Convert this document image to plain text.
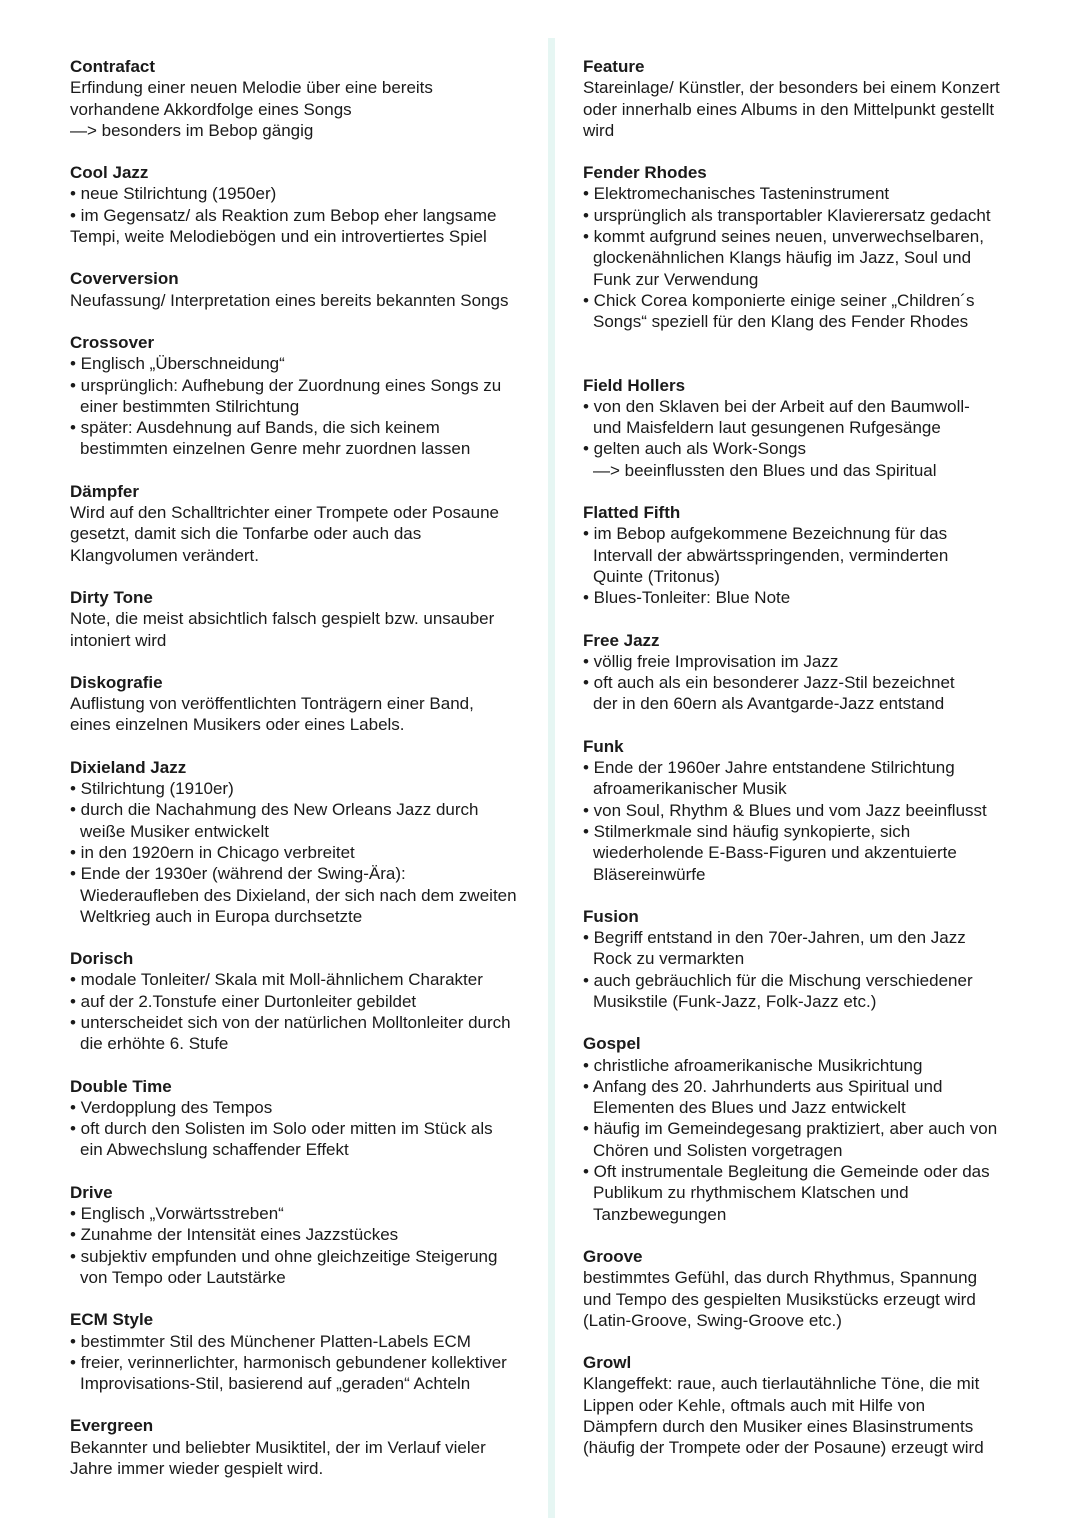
Contrafact

Erfindung einer neuen Melodie über eine bereits

vorhandene Akkordfolge eines Songs

—> besonders im Bebop gängig

Cool Jazz

• neue Stilrichtung (1950er)

• im Gegensatz/ als Reaktion zum Bebop eher langsame

Tempi, weite Melodiebögen und ein introvertiertes Spiel

Coverversion

Neufassung/ Interpretation eines bereits bekannten Songs

Crossover

• Englisch „Überschneidung“

• ursprünglich: Aufhebung der Zuordnung eines Songs zu

einer bestimmten Stilrichtung

• später: Ausdehnung auf Bands, die sich keinem

bestimmten einzelnen Genre mehr zuordnen lassen

Dämpfer

Wird auf den Schalltrichter einer Trompete oder Posaune

gesetzt, damit sich die Tonfarbe oder auch das

Klangvolumen verändert.

Dirty Tone

Note, die meist absichtlich falsch gespielt bzw. unsauber

intoniert wird

Diskografie

Auflistung von veröffentlichten Tonträgern einer Band,

eines einzelnen Musikers oder eines Labels.

Dixieland Jazz

• Stilrichtung (1910er)

• durch die Nachahmung des New Orleans Jazz durch

weiße Musiker entwickelt

• in den 1920ern in Chicago verbreitet

• Ende der 1930er (während der Swing-Ära):

Wiederaufleben des Dixieland, der sich nach dem zweiten

Weltkrieg auch in Europa durchsetzte

Dorisch

• modale Tonleiter/ Skala mit Moll-ähnlichem Charakter

• auf der 2.Tonstufe einer Durtonleiter gebildet

• unterscheidet sich von der natürlichen Molltonleiter durch

die erhöhte 6. Stufe

Double Time

• Verdopplung des Tempos

• oft durch den Solisten im Solo oder mitten im Stück als

ein Abwechslung schaffender Effekt

Drive

• Englisch „Vorwärtsstreben“

• Zunahme der Intensität eines Jazzstückes

• subjektiv empfunden und ohne gleichzeitige Steigerung

von Tempo oder Lautstärke

ECM Style

• bestimmter Stil des Münchener Platten-Labels ECM

• freier, verinnerlichter, harmonisch gebundener kollektiver

Improvisations-Stil, basierend auf „geraden“ Achteln

Evergreen

Bekannter und beliebter Musiktitel, der im Verlauf vieler

Jahre immer wieder gespielt wird.

Feature

Stareinlage/ Künstler, der besonders bei einem Konzert

oder innerhalb eines Albums in den Mittelpunkt gestellt

wird

Fender Rhodes

• Elektromechanisches Tasteninstrument

• ursprünglich als transportabler Klavierersatz gedacht

• kommt aufgrund seines neuen, unverwechselbaren,

glockenähnlichen Klangs häufig im Jazz, Soul und

Funk zur Verwendung

• Chick Corea komponierte einige seiner „Children´s

Songs“ speziell für den Klang des Fender Rhodes

Field Hollers

• von den Sklaven bei der Arbeit auf den Baumwoll-

und Maisfeldern laut gesungenen Rufgesänge

• gelten auch als Work-Songs

—> beeinflussten den Blues und das Spiritual

Flatted Fifth

• im Bebop aufgekommene Bezeichnung für das

Intervall der abwärtsspringenden, verminderten

Quinte (Tritonus)

• Blues-Tonleiter: Blue Note

Free Jazz

• völlig freie Improvisation im Jazz

• oft auch als ein besonderer Jazz-Stil bezeichnet

der in den 60ern als Avantgarde-Jazz entstand

Funk

• Ende der 1960er Jahre entstandene Stilrichtung

afroamerikanischer Musik

• von Soul, Rhythm & Blues und vom Jazz beeinflusst

• Stilmerkmale sind häufig synkopierte, sich

wiederholende E-Bass-Figuren und akzentuierte

Bläsereinwürfe

Fusion

• Begriff entstand in den 70er-Jahren, um den Jazz

Rock zu vermarkten

• auch gebräuchlich für die Mischung verschiedener

Musikstile (Funk-Jazz, Folk-Jazz etc.)

Gospel

• christliche afroamerikanische Musikrichtung

• Anfang des 20. Jahrhunderts aus Spiritual und

Elementen des Blues und Jazz entwickelt

• häufig im Gemeindegesang praktiziert, aber auch von

Chören und Solisten vorgetragen

• Oft instrumentale Begleitung die Gemeinde oder das

Publikum zu rhythmischem Klatschen und

Tanzbewegungen

Groove

bestimmtes Gefühl, das durch Rhythmus, Spannung

und Tempo des gespielten Musikstücks erzeugt wird

(Latin-Groove, Swing-Groove etc.)

Growl

Klangeffekt: raue, auch tierlautähnliche Töne, die mit

Lippen oder Kehle, oftmals auch mit Hilfe von

Dämpfern durch den Musiker eines Blasinstruments

(häufig der Trompete oder der Posaune) erzeugt wird
